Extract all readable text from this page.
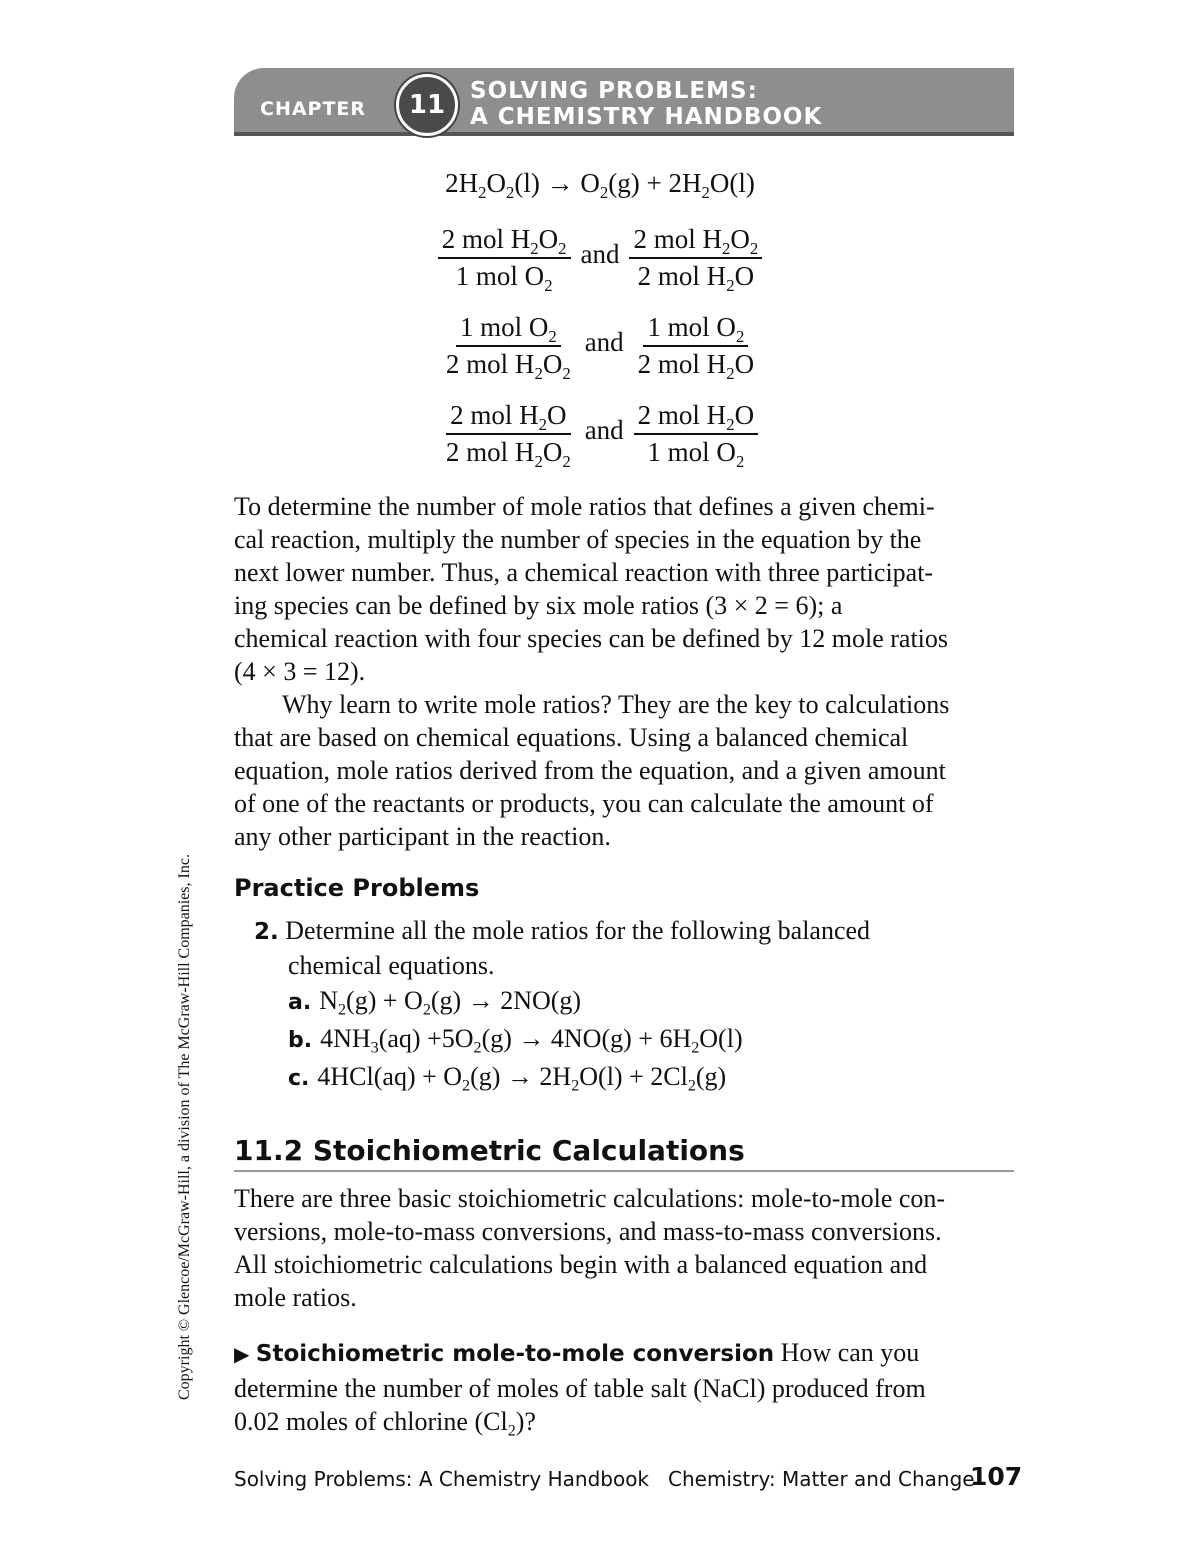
CHAPTER	11	SOLVING PROBLEMS:
A CHEMISTRY HANDBOOK
$2H_2O_2(l) \to O_2(g) + 2H_2O(l)$
$\frac{2 mol H_2O_2}{1 mol O_2}$ and $\frac{2 mol H_2O_2}{2 mol H_2O}$
$\frac{1 mol O_2}{2 mol H_2O_2}$ and $\frac{1 mol O_2}{2 mol H_2O}$
$\frac{2 mol H_2O}{2 mol H_2O_2}$ and $\frac{2 mol H_2O}{1 mol O_2}$
To determine the number of mole ratios that defines a given chemi-
cal reaction, multiply the number of species in the equation by the
next lower number. Thus, a chemical reaction with three participat-
ing species can be defined by six mole ratios (3 × 2 = 6); a
chemical reaction with four species can be defined by 12 mole ratios
(4 × 3 = 12).
Why learn to write mole ratios? They are the key to calculations
that are based on chemical equations. Using a balanced chemical
equation, mole ratios derived from the equation, and a given amount
of one of the reactants or products, you can calculate the amount of
any other participant in the reaction.
Practice Problems
2. Determine all the mole ratios for the following balanced
chemical equations.
a. $N_2(g) + O_2(g) \to 2NO(g)$
b. $4NH_3(aq) +5O_2(g) \to 4NO(g) + 6H_2O(l)$
c. $4HCl(aq) + O_2(g) \to 2H_2O(l) + 2Cl_2(g)$
11.2 Stoichiometric Calculations
There are three basic stoichiometric calculations: mole-to-mole con-
versions, mole-to-mass conversions, and mass-to-mass conversions.
All stoichiometric calculations begin with a balanced equation and
mole ratios.
▶ Stoichiometric mole-to-mole conversion How can you
determine the number of moles of table salt (NaCl) produced from
0.02 moles of chlorine $(Cl_2)$?
Solving Problems: A Chemistry Handbook Chemistry: Matter and Change
107
Copyright © Glencoe/McGraw-Hill, a division of The McGraw-Hill Companies, Inc.
